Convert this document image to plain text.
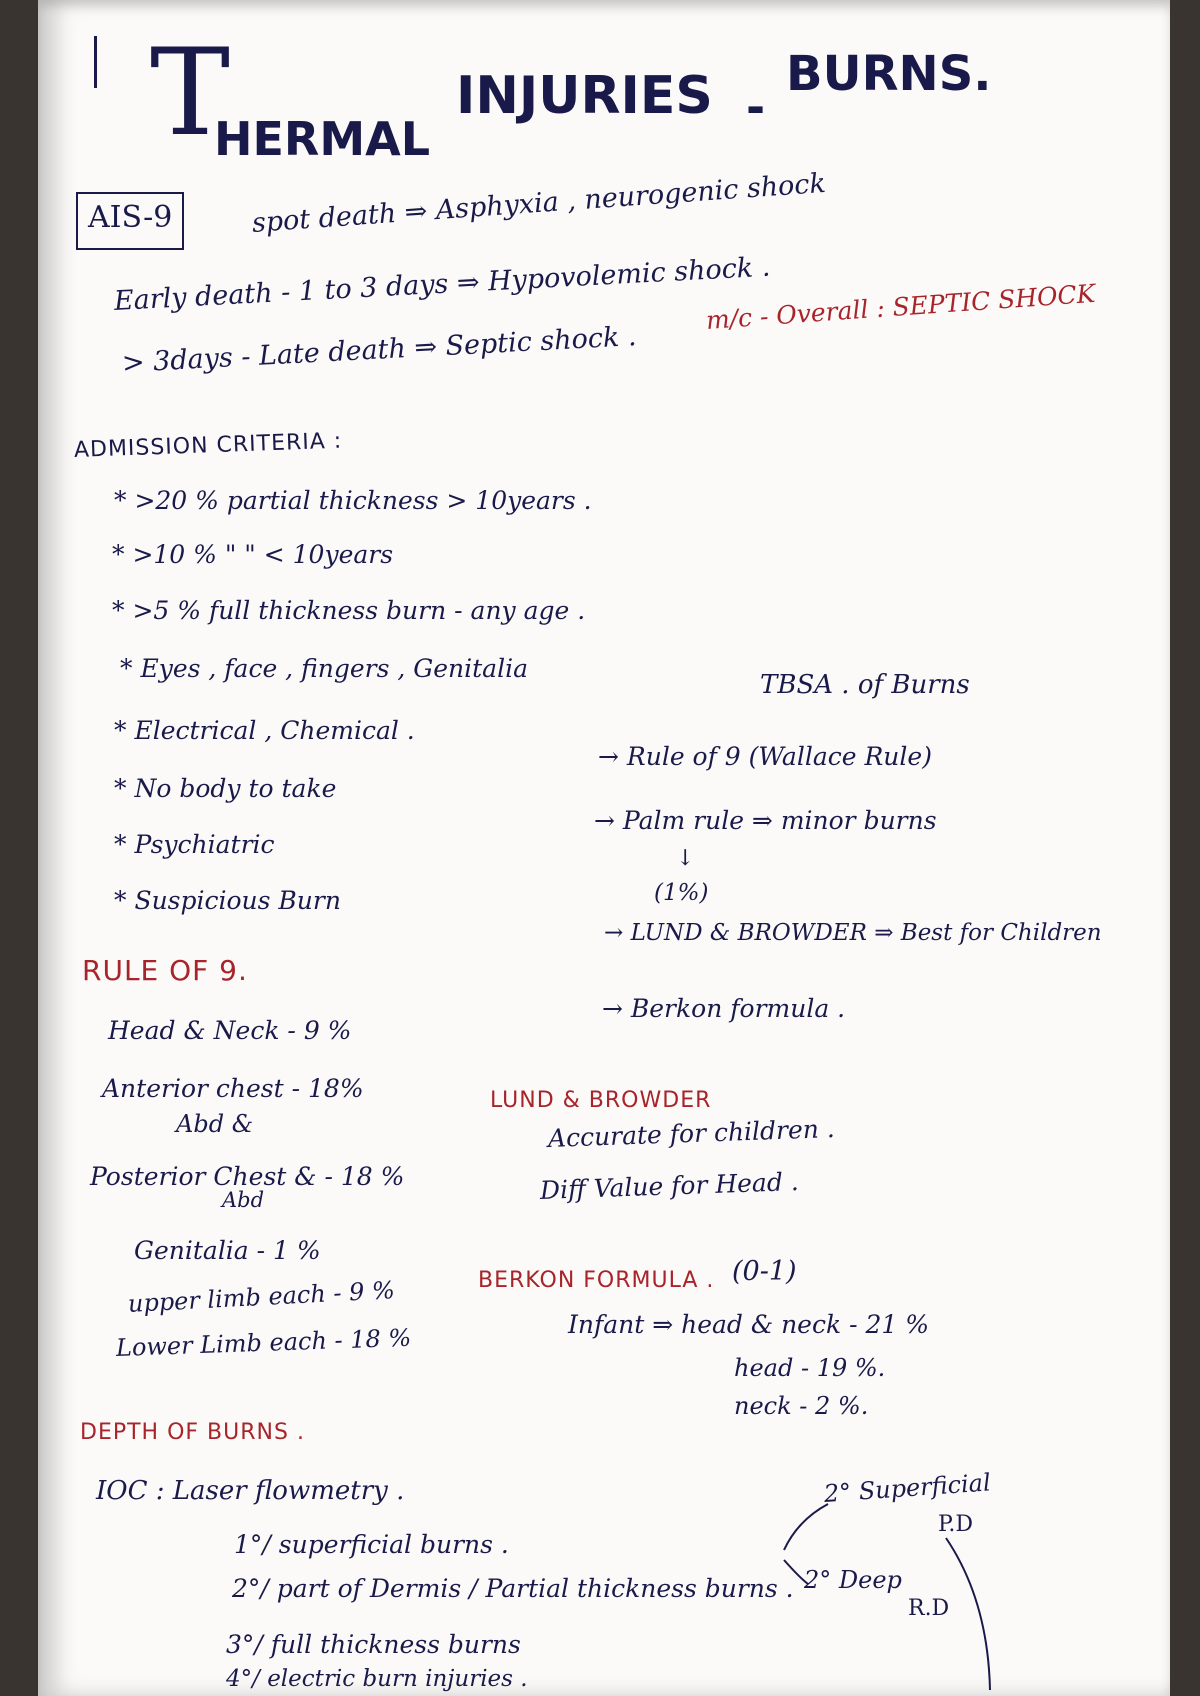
T
HERMAL
INJURIES -
BURNS.
AIS-9	spot death ⇒ Asphyxia , neurogenic shock
Early death - 1 to 3 days ⇒ Hypovolemic shock .
> 3days - Late death ⇒ Septic shock .
m/c - Overall : SEPTIC SHOCK
ADMISSION CRITERIA :
* >20 % partial thickness > 10years .
* >10 % " " < 10years
* >5 % full thickness burn - any age .
* Eyes , face , fingers , Genitalia
* Electrical , Chemical .
* No body to take
* Psychiatric
* Suspicious Burn
TBSA . of Burns
→ Rule of 9 (Wallace Rule)
→ Palm rule ⇒ minor burns
↓
(1%)
→ LUND & BROWDER ⇒ Best for Children
→ Berkon formula .
RULE OF 9.
Head & Neck - 9 %
Anterior chest - 18%
Abd &
Posterior Chest & - 18 %
Abd
Genitalia - 1 %
upper limb each - 9 %
Lower Limb each - 18 %
LUND & BROWDER
Accurate for children .
Diff Value for Head .
BERKON FORMULA . (0-1)
Infant ⇒ head & neck - 21 %
head - 19 %.
neck - 2 %.
DEPTH OF BURNS .
IOC : Laser flowmetry .
1°/ superficial burns .
2°/ part of Dermis / Partial thickness burns .
3°/ full thickness burns
4°/ electric burn injuries .
2° Superficial
P.D
2° Deep
R.D
